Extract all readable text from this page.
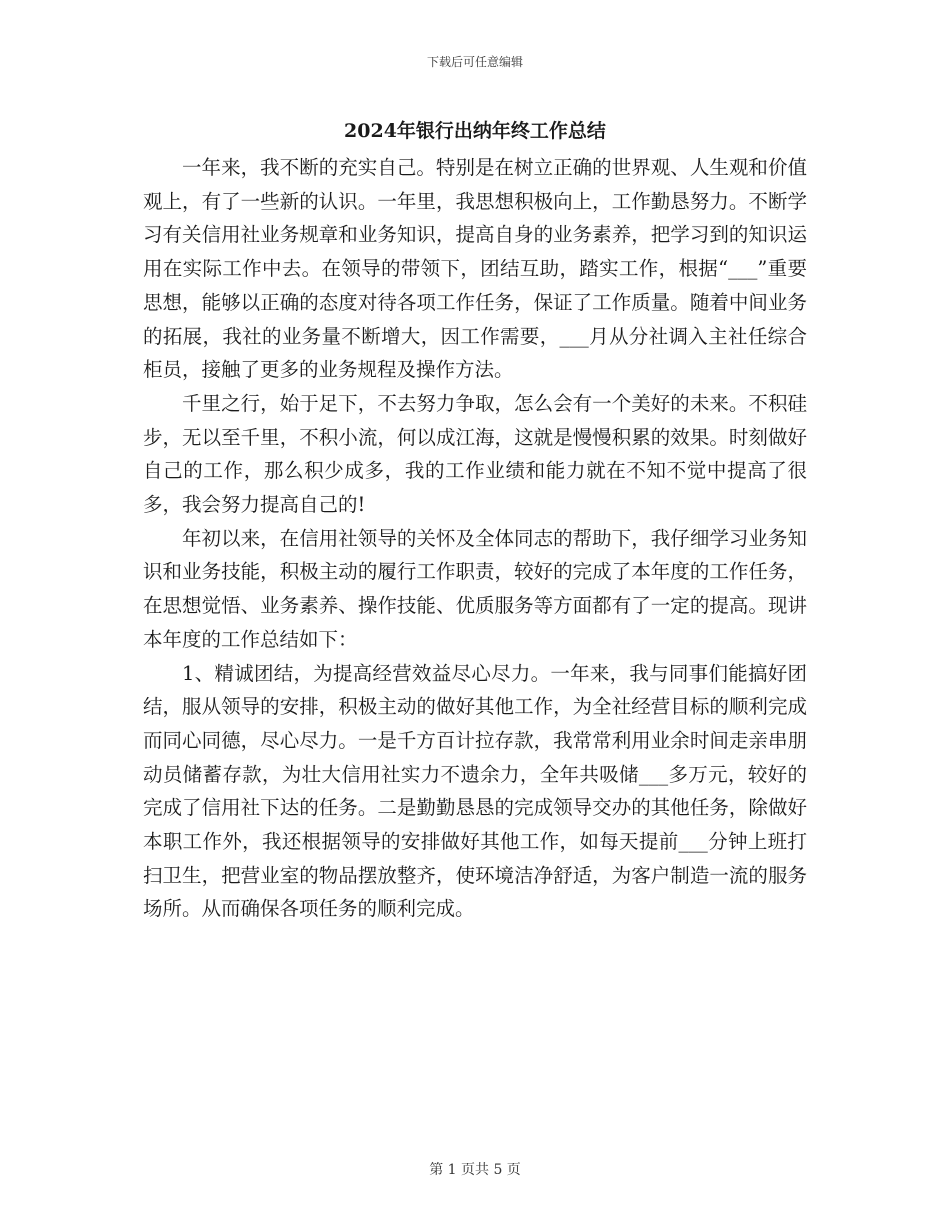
下载后可任意编辑
2024年银行出纳年终工作总结

一年来，我不断的充实自己。特别是在树立正确的世界观、人生观和价值观上，有了一些新的认识。一年里，我思想积极向上，工作勤恳努力。不断学习有关信用社业务规章和业务知识，提高自身的业务素养，把学习到的知识运用在实际工作中去。在领导的带领下，团结互助，踏实工作，根据“___”重要思想，能够以正确的态度对待各项工作任务，保证了工作质量。随着中间业务的拓展，我社的业务量不断增大，因工作需要，___月从分社调入主社任综合柜员，接触了更多的业务规程及操作方法。

千里之行，始于足下，不去努力争取，怎么会有一个美好的未来。不积硅步，无以至千里，不积小流，何以成江海，这就是慢慢积累的效果。时刻做好自己的工作，那么积少成多，我的工作业绩和能力就在不知不觉中提高了很多，我会努力提高自己的!

年初以来，在信用社领导的关怀及全体同志的帮助下，我仔细学习业务知识和业务技能，积极主动的履行工作职责，较好的完成了本年度的工作任务，在思想觉悟、业务素养、操作技能、优质服务等方面都有了一定的提高。现讲本年度的工作总结如下：

1、精诚团结，为提高经营效益尽心尽力。一年来，我与同事们能搞好团结，服从领导的安排，积极主动的做好其他工作，为全社经营目标的顺利完成而同心同德，尽心尽力。一是千方百计拉存款，我常常利用业余时间走亲串朋动员储蓄存款，为壮大信用社实力不遗余力，全年共吸储___多万元，较好的完成了信用社下达的任务。二是勤勤恳恳的完成领导交办的其他任务，除做好本职工作外，我还根据领导的安排做好其他工作，如每天提前___分钟上班打扫卫生，把营业室的物品摆放整齐，使环境洁净舒适，为客户制造一流的服务场所。从而确保各项任务的顺利完成。

第 1 页共 5 页
